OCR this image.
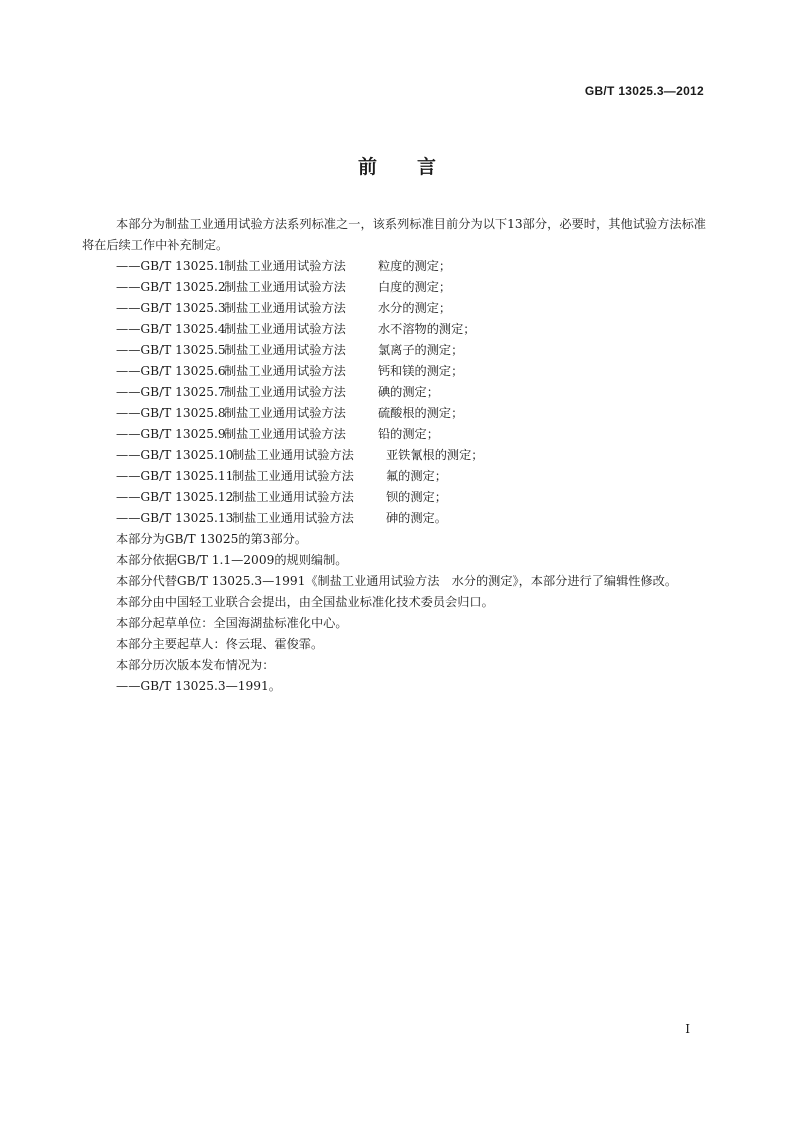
GB/T 13025.3—2012
前言

本部分为制盐工业通用试验方法系列标准之一，该系列标准目前分为以下13部分，必要时，其他试验方法标准将在后续工作中补充制定。

——GB/T 13025.1制盐工业通用试验方法	粒度的测定；

——GB/T 13025.2制盐工业通用试验方法	白度的测定；

——GB/T 13025.3制盐工业通用试验方法	水分的测定；

——GB/T 13025.4制盐工业通用试验方法	水不溶物的测定；

——GB/T 13025.5制盐工业通用试验方法	氯离子的测定；

——GB/T 13025.6制盐工业通用试验方法	钙和镁的测定；

——GB/T 13025.7制盐工业通用试验方法	碘的测定；

——GB/T 13025.8制盐工业通用试验方法	硫酸根的测定；

——GB/T 13025.9制盐工业通用试验方法	铅的测定；

——GB/T 13025.10制盐工业通用试验方法	亚铁氰根的测定；

——GB/T 13025.11制盐工业通用试验方法	氟的测定；

——GB/T 13025.12制盐工业通用试验方法	钡的测定；

——GB/T 13025.13制盐工业通用试验方法	砷的测定。

本部分为GB/T 13025的第3部分。

本部分依据GB/T 1.1—2009的规则编制。

本部分代替GB/T 13025.3—1991《制盐工业通用试验方法　水分的测定》，本部分进行了编辑性修改。

本部分由中国轻工业联合会提出，由全国盐业标准化技术委员会归口。

本部分起草单位：全国海湖盐标准化中心。

本部分主要起草人：佟云琨、霍俊霏。

本部分历次版本发布情况为：

——GB/T 13025.3—1991。

I
